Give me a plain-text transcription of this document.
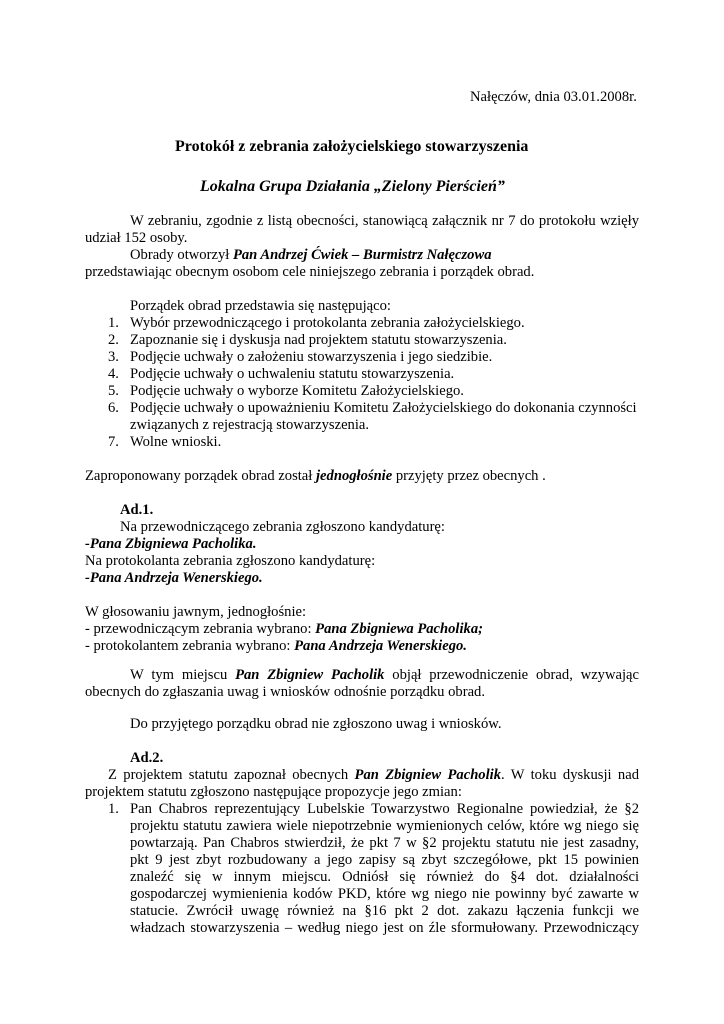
Nałęczów, dnia 03.01.2008r.
Protokół z zebrania założycielskiego stowarzyszenia
Lokalna Grupa Działania „Zielony Pierścień”
W zebraniu, zgodnie z listą obecności, stanowiącą załącznik nr 7 do protokołu wzięły
udział 152 osoby.
Obrady otworzył Pan Andrzej Ćwiek – Burmistrz Nałęczowa
przedstawiając obecnym osobom cele niniejszego zebrania i porządek obrad.
Porządek obrad przedstawia się następująco:
1. Wybór przewodniczącego i protokolanta zebrania założycielskiego.
2. Zapoznanie się i dyskusja nad projektem statutu stowarzyszenia.
3. Podjęcie uchwały o założeniu stowarzyszenia i jego siedzibie.
4. Podjęcie uchwały o uchwaleniu statutu stowarzyszenia.
5. Podjęcie uchwały o wyborze Komitetu Założycielskiego.
6. Podjęcie uchwały o upoważnieniu Komitetu Założycielskiego do dokonania czynności
związanych z rejestracją stowarzyszenia.
7. Wolne wnioski.
Zaproponowany porządek obrad został jednogłośnie przyjęty przez obecnych .
Ad.1.
Na przewodniczącego zebrania zgłoszono kandydaturę:
-Pana Zbigniewa Pacholika.
Na protokolanta zebrania zgłoszono kandydaturę:
-Pana Andrzeja Wenerskiego.
W głosowaniu jawnym, jednogłośnie:
- przewodniczącym zebrania wybrano: Pana Zbigniewa Pacholika;
- protokolantem zebrania wybrano: Pana Andrzeja Wenerskiego.
W tym miejscu Pan Zbigniew Pacholik objął przewodniczenie obrad, wzywając
obecnych do zgłaszania uwag i wniosków odnośnie porządku obrad.
Do przyjętego porządku obrad nie zgłoszono uwag i wniosków.
Ad.2.
Z projektem statutu zapoznał obecnych Pan Zbigniew Pacholik. W toku dyskusji nad
projektem statutu zgłoszono następujące propozycje jego zmian:
1. Pan Chabros reprezentujący Lubelskie Towarzystwo Regionalne powiedział, że §2
projektu statutu zawiera wiele niepotrzebnie wymienionych celów, które wg niego się
powtarzają. Pan Chabros stwierdził, że pkt 7 w §2 projektu statutu nie jest zasadny,
pkt 9 jest zbyt rozbudowany a jego zapisy są zbyt szczegółowe, pkt 15 powinien
znaleźć się w innym miejscu. Odniósł się również do §4 dot. działalności
gospodarczej wymienienia kodów PKD, które wg niego nie powinny być zawarte w
statucie. Zwrócił uwagę również na §16 pkt 2 dot. zakazu łączenia funkcji we
władzach stowarzyszenia – według niego jest on źle sformułowany. Przewodniczący
